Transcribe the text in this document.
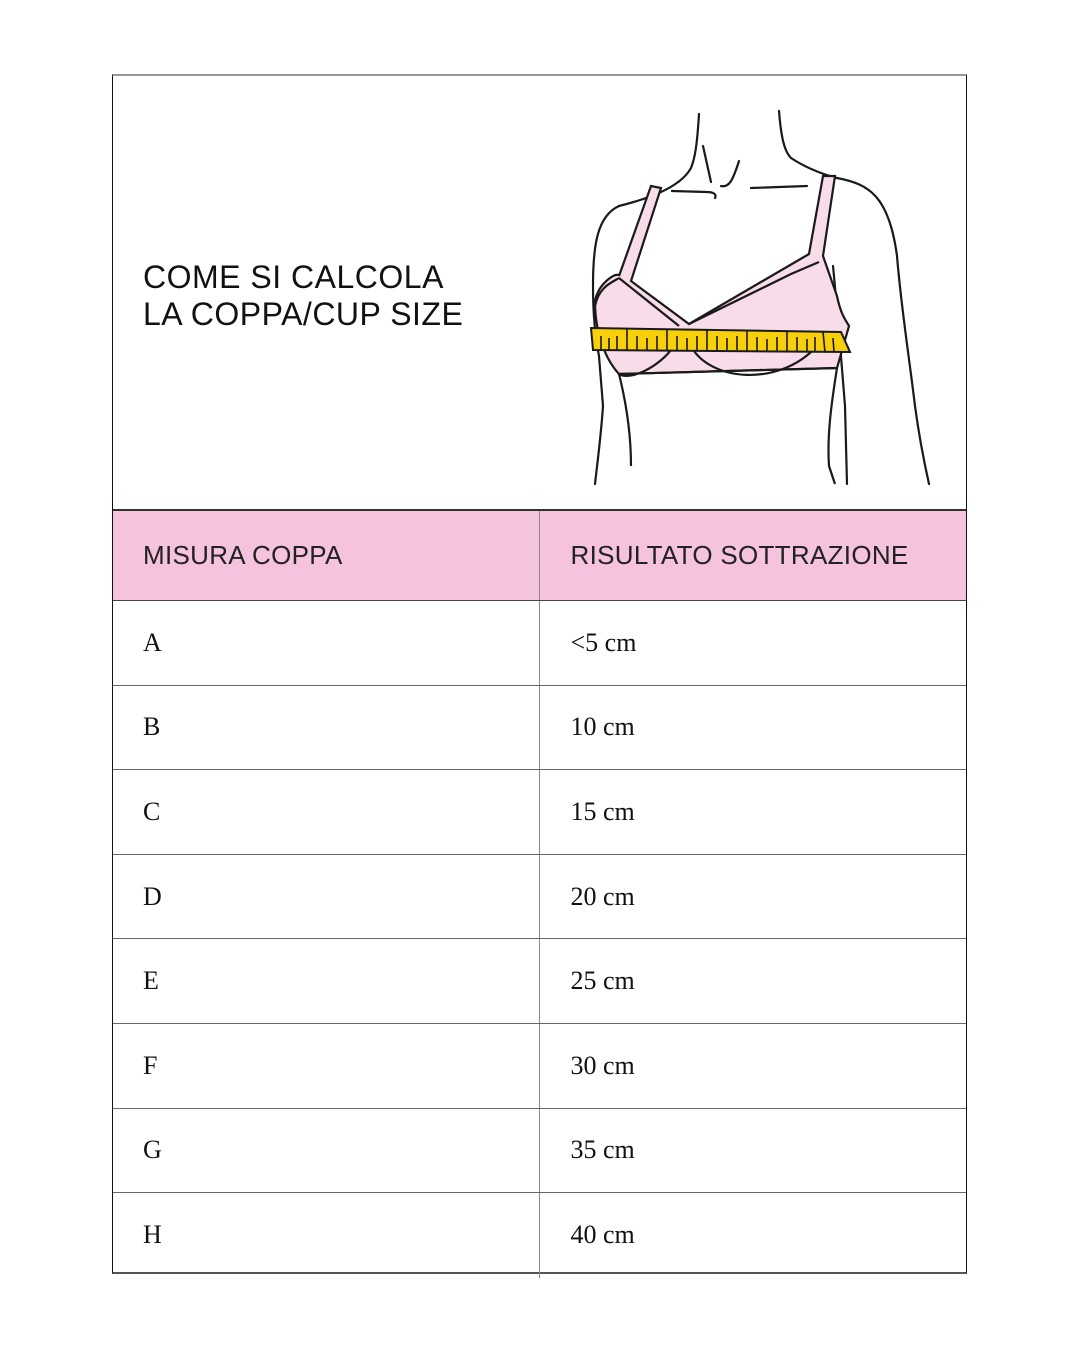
COME SI CALCOLA
LA COPPA/CUP SIZE
MISURA COPPA	RISULTATO SOTTRAZIONE
A	<5 cm
B	10 cm
C	15 cm
D	20 cm
E	25 cm
F	30 cm
G	35 cm
H	40 cm
